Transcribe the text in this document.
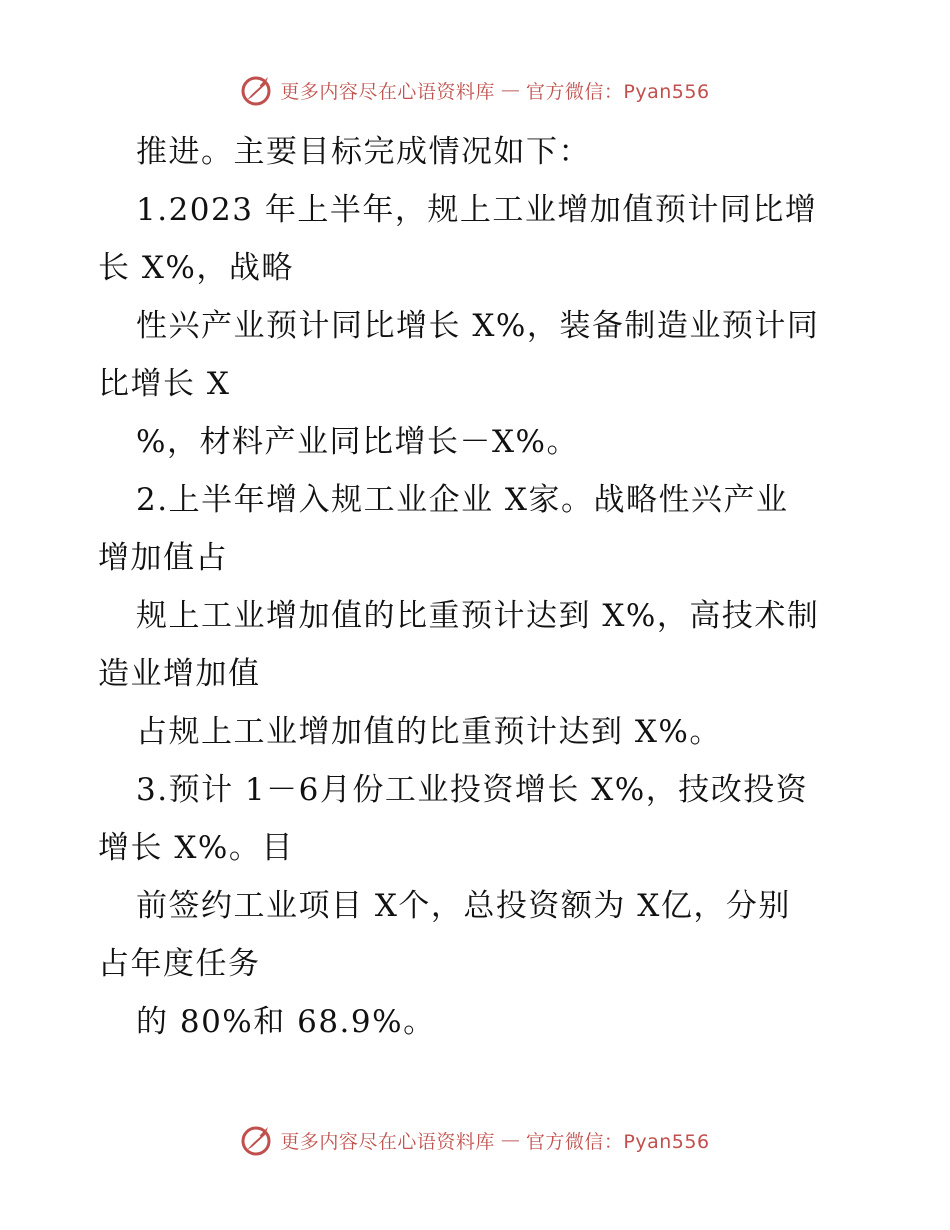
更多内容尽在心语资料库 — 官方微信：Pyan556
推进。主要目标完成情况如下：
1.2023 年上半年，规上工业增加值预计同比增
长 X%，战略
性兴产业预计同比增长 X%，装备制造业预计同
比增长 X
%，材料产业同比增长－X%。
2.上半年增入规工业企业 X家。战略性兴产业
增加值占
规上工业增加值的比重预计达到 X%，高技术制
造业增加值
占规上工业增加值的比重预计达到 X%。
3.预计 1－6月份工业投资增长 X%，技改投资
增长 X%。目
前签约工业项目 X个，总投资额为 X亿，分别
占年度任务
的 80%和 68.9%。
更多内容尽在心语资料库 — 官方微信：Pyan556
